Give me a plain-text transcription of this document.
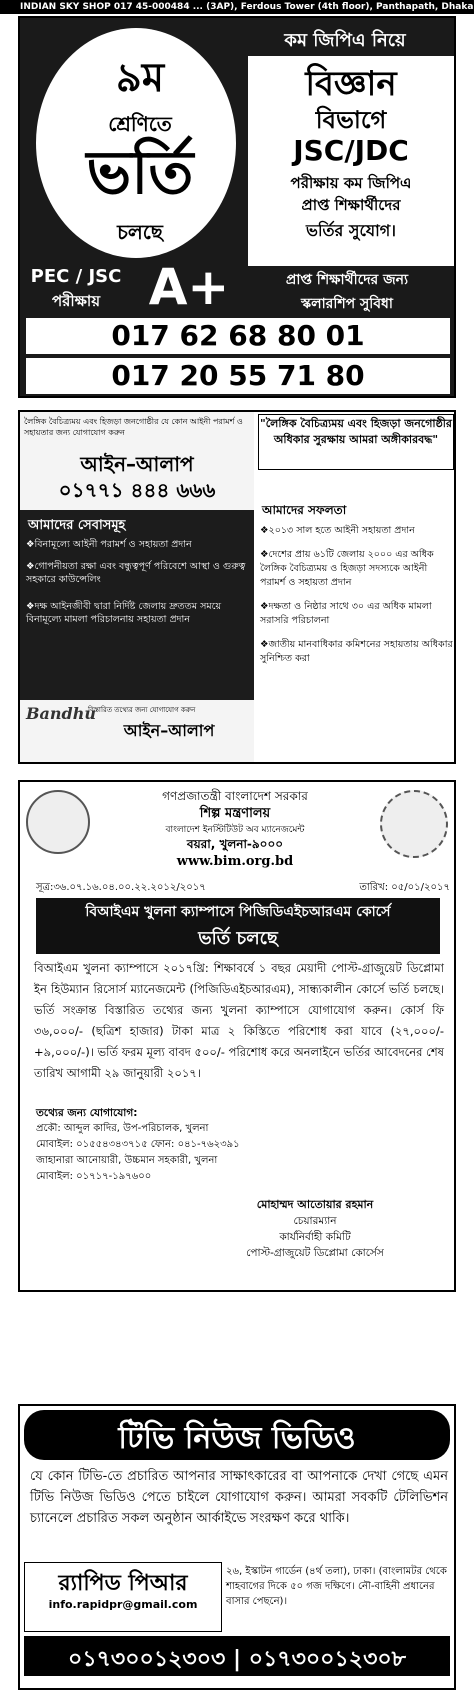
INDIAN SKY SHOP 017 45-000484 ... (3AP), Ferdous Tower (4th floor), Panthapath, Dhaka
৯ম
শ্রেণিতে
ভর্তি
চলছে
কম জিপিএ নিয়ে
বিজ্ঞান
বিভাগে
JSC/JDC
পরীক্ষায় কম জিপিএ
প্রাপ্ত শিক্ষার্থীদের
ভর্তির সুযোগ।
PEC / JSC
পরীক্ষায় A+	প্রাপ্ত শিক্ষার্থীদের জন্য
স্কলারশিপ সুবিধা
017 62 68 80 01
017 20 55 71 80
লৈঙ্গিক বৈচিত্র্যময় এবং হিজড়া জনগোষ্ঠীর যে কোন আইনী পরামর্শ ও সহায়তার জন্য যোগাযোগ করুন
আইন–আলাপ
০১৭৭১ ৪৪৪ ৬৬৬
আমাদের সেবাসমূহ
❖ বিনামূল্যে আইনী পরামর্শ ও সহায়তা প্রদান
❖ গোপনীয়তা রক্ষা এবং বন্ধুত্বপূর্ণ পরিবেশে আস্থা ও গুরুত্ব সহকারে কাউন্সেলিং
❖ দক্ষ আইনজীবী দ্বারা নির্দিষ্ট জেলায় দ্রুততম সময়ে বিনামূল্যে মামলা পরিচালনায় সহায়তা প্রদান
Bandhu
বিস্তারিত তথ্যের জন্য যোগাযোগ করুন
আইন–আলাপ
"লৈঙ্গিক বৈচিত্র্যময় এবং হিজড়া জনগোষ্ঠীর অধিকার সুরক্ষায় আমরা অঙ্গীকারবদ্ধ"
আমাদের সফলতা
❖ ২০১৩ সাল হতে আইনী সহায়তা প্রদান
❖ দেশের প্রায় ৬১টি জেলায় ২০০০ এর অধিক লৈঙ্গিক বৈচিত্র্যময় ও হিজড়া সদস্যকে আইনী পরামর্শ ও সহায়তা প্রদান
❖ দক্ষতা ও নিষ্ঠার সাথে ৩০ এর অধিক মামলা সরাসরি পরিচালনা
❖ জাতীয় মানবাধিকার কমিশনের সহায়তায় অধিকার সুনিশ্চিত করা
গণপ্রজাতন্ত্রী বাংলাদেশ সরকার
শিল্প মন্ত্রণালয়
বাংলাদেশ ইনস্টিটিউট অব ম্যানেজমেন্ট
বয়রা, খুলনা-৯০০০
www.bim.org.bd
সূত্র:৩৬.০৭.১৬.০৪.০০.২২.২০১২/২০১৭	তারিখ: ০৫/০১/২০১৭
বিআইএম খুলনা ক্যাম্পাসে পিজিডিএইচআরএম কোর্সে
ভর্তি চলছে
বিআইএম খুলনা ক্যাম্পাসে ২০১৭খ্রি: শিক্ষাবর্ষে ১ বছর মেয়াদী পোস্ট-গ্রাজুয়েট ডিপ্লোমা ইন হিউম্যান রিসোর্স ম্যানেজমেন্ট (পিজিডিএইচআরএম), সান্ধ্যকালীন কোর্সে ভর্তি চলছে। ভর্তি সংক্রান্ত বিস্তারিত তথ্যের জন্য খুলনা ক্যাম্পাসে যোগাযোগ করুন। কোর্স ফি ৩৬,০০০/- (ছত্রিশ হাজার) টাকা মাত্র ২ কিস্তিতে পরিশোধ করা যাবে (২৭,০০০/-+৯,০০০/-)। ভর্তি ফরম মূল্য বাবদ ৫০০/- পরিশোধ করে অনলাইনে ভর্তির আবেদনের শেষ তারিখ আগামী ২৯ জানুয়ারী ২০১৭।
তথ্যের জন্য যোগাযোগ:
প্রকৌ: আব্দুল কাদির, উপ-পরিচালক, খুলনা
মোবাইল: ০১৫৫৪৩৪৩৭১৫ ফোন: ০৪১-৭৬২৩৯১
জাহানারা আনোয়ারী, উচ্চমান সহকারী, খুলনা
মোবাইল: ০১৭১৭-১৯৭৬০০
মোহাম্মদ আতোয়ার রহমান
চেয়ারম্যান
কার্যনির্বাহী কমিটি
পোস্ট-গ্রাজুয়েট ডিপ্লোমা কোর্সেস
টিভি নিউজ ভিডিও
যে কোন টিভি-তে প্রচারিত আপনার সাক্ষাৎকারের বা আপনাকে দেখা গেছে এমন টিভি নিউজ ভিডিও পেতে চাইলে যোগাযোগ করুন। আমরা সবকটি টেলিভিশন চ্যানেলে প্রচারিত সকল অনুষ্ঠান আর্কাইভে সংরক্ষণ করে থাকি।
র‍্যাপিড পিআর
info.rapidpr@gmail.com
২৬, ইস্কাটন গার্ডেন (৪র্থ তলা), ঢাকা। (বাংলামটর থেকে শাহবাগের দিকে ৫০ গজ দক্ষিণে। নৌ-বাহিনী প্রধানের বাসার পেছনে)।
০১৭৩০০১২৩০৩ | ০১৭৩০০১২৩০৮
